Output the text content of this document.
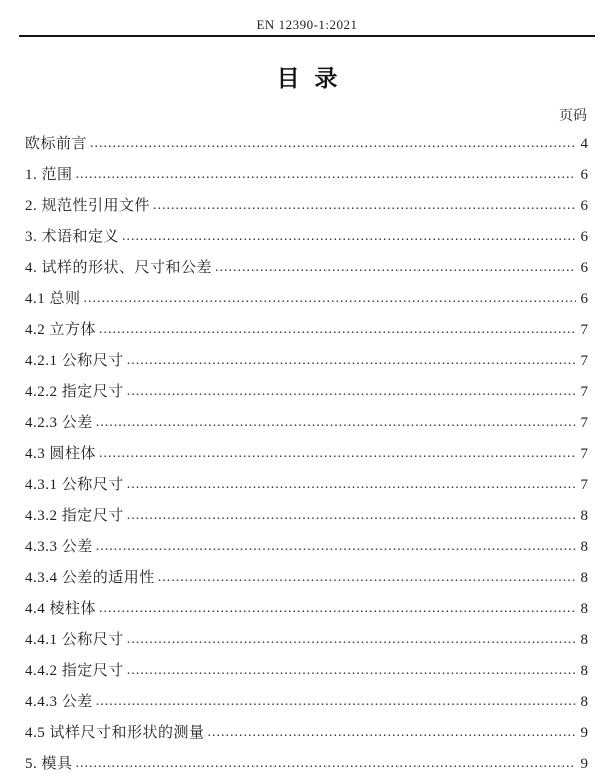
EN 12390-1:2021
目 录
页码
欧标前言 .....	4
1. 范围 .....	6
2. 规范性引用文件 .....	6
3. 术语和定义 .....	6
4. 试样的形状、尺寸和公差 .....	6
4.1 总则 .....	6
4.2 立方体 .....	7
4.2.1 公称尺寸 .....	7
4.2.2 指定尺寸 .....	7
4.2.3 公差 .....	7
4.3 圆柱体 .....	7
4.3.1 公称尺寸 .....	7
4.3.2 指定尺寸 .....	8
4.3.3 公差 .....	8
4.3.4 公差的适用性 .....	8
4.4 棱柱体 .....	8
4.4.1 公称尺寸 .....	8
4.4.2 指定尺寸 .....	8
4.4.3 公差 .....	8
4.5 试样尺寸和形状的测量 .....	9
5. 模具 .....	9
